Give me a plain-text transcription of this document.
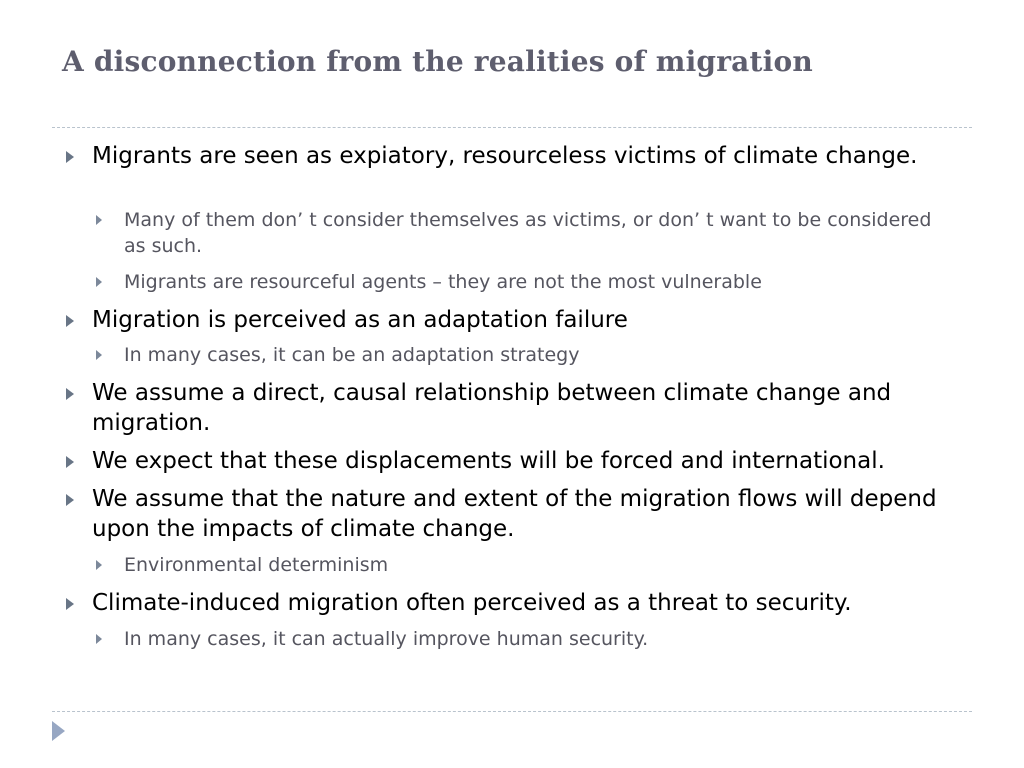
A disconnection from the realities of migration

Migrants are seen as expiatory, resourceless victims of climate change.

Many of them don’ t consider themselves as victims, or don’ t want to be considered as such.

Migrants are resourceful agents – they are not the most vulnerable

Migration is perceived as an adaptation failure

In many cases, it can be an adaptation strategy

We assume a direct, causal relationship between climate change and migration.

We expect that these displacements will be forced and international.

We assume that the nature and extent of the migration flows will depend upon the impacts of climate change.

Environmental determinism

Climate-induced migration often perceived as a threat to security.

In many cases, it can actually improve human security.
